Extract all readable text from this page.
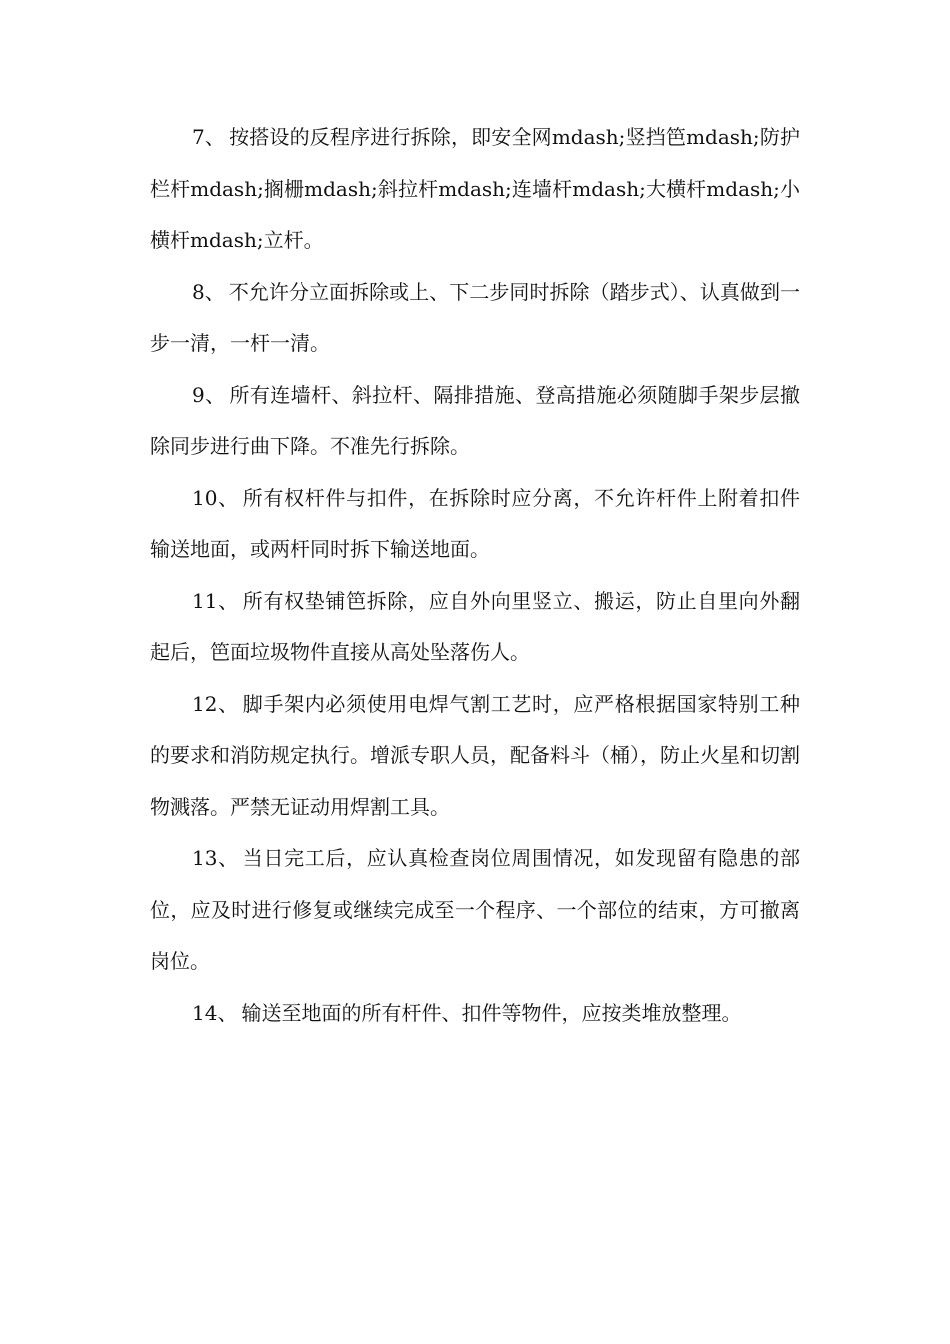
7、 按搭设的反程序进行拆除，即安全网mdash;竖挡笆mdash;防护栏杆mdash;搁栅mdash;斜拉杆mdash;连墙杆mdash;大横杆mdash;小横杆mdash;立杆。

8、 不允许分立面拆除或上、下二步同时拆除（踏步式）、认真做到一步一清，一杆一清。

9、 所有连墙杆、斜拉杆、隔排措施、登高措施必须随脚手架步层撤除同步进行曲下降。不准先行拆除。

10、 所有权杆件与扣件，在拆除时应分离，不允许杆件上附着扣件输送地面，或两杆同时拆下输送地面。

11、 所有权垫铺笆拆除，应自外向里竖立、搬运，防止自里向外翻起后，笆面垃圾物件直接从高处坠落伤人。

12、 脚手架内必须使用电焊气割工艺时，应严格根据国家特别工种的要求和消防规定执行。增派专职人员，配备料斗（桶），防止火星和切割物溅落。严禁无证动用焊割工具。

13、 当日完工后，应认真检查岗位周围情况，如发现留有隐患的部位，应及时进行修复或继续完成至一个程序、一个部位的结束，方可撤离岗位。

14、 输送至地面的所有杆件、扣件等物件，应按类堆放整理。
